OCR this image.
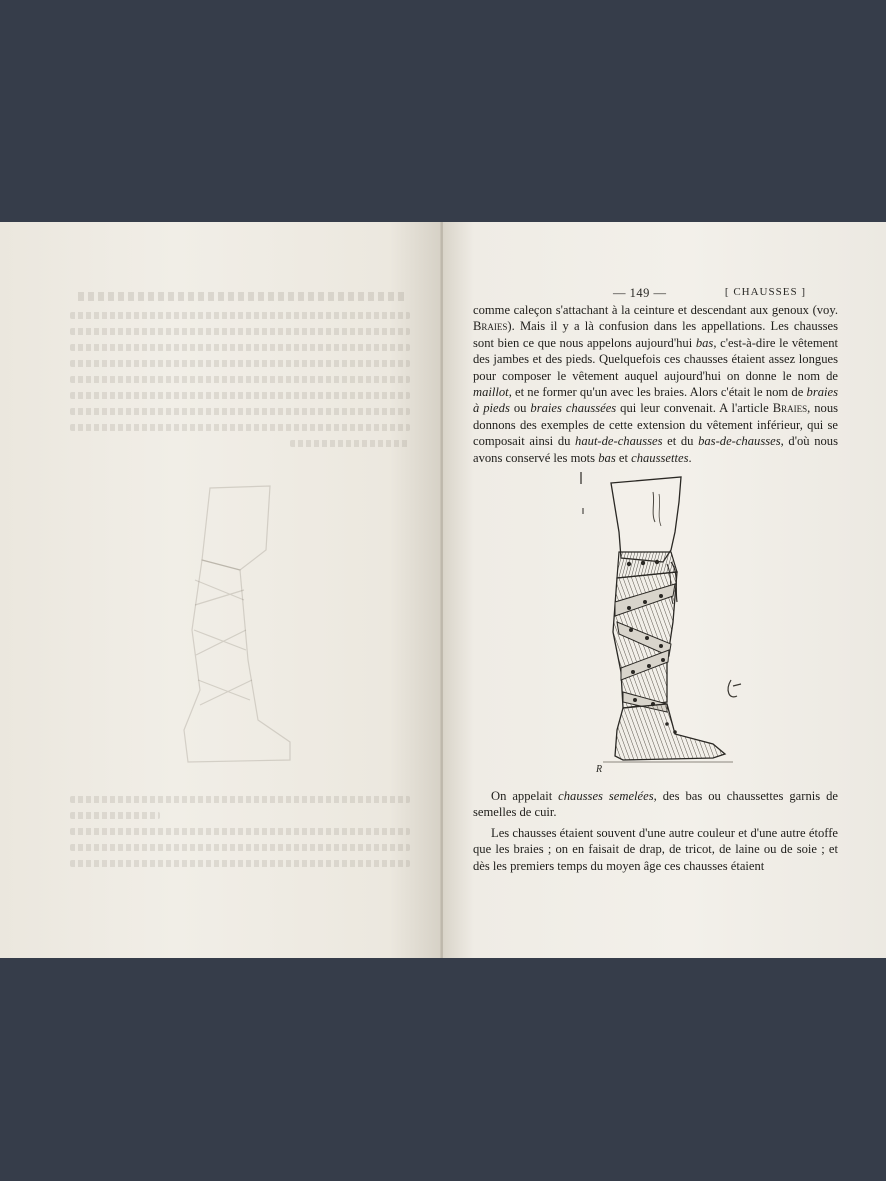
— 149 —	[ CHAUSSES ]

comme caleçon s'attachant à la ceinture et descendant aux genoux (voy. Braies). Mais il y a là confusion dans les appellations. Les chausses sont bien ce que nous appelons aujourd'hui bas, c'est-à-dire le vêtement des jambes et des pieds. Quelquefois ces chausses étaient assez longues pour composer le vêtement auquel aujourd'hui on donne le nom de maillot, et ne former qu'un avec les braies. Alors c'était le nom de braies à pieds ou braies chaussées qui leur convenait. A l'article Braies, nous donnons des exemples de cette extension du vêtement inférieur, qui se composait ainsi du haut-de-chausses et du bas-de-chausses, d'où nous avons conservé les mots bas et chaussettes.

R

On appelait chausses semelées, des bas ou chaussettes garnis de semelles de cuir.

Les chausses étaient souvent d'une autre couleur et d'une autre étoffe que les braies ; on en faisait de drap, de tricot, de laine ou de soie ; et dès les premiers temps du moyen âge ces chausses étaient
